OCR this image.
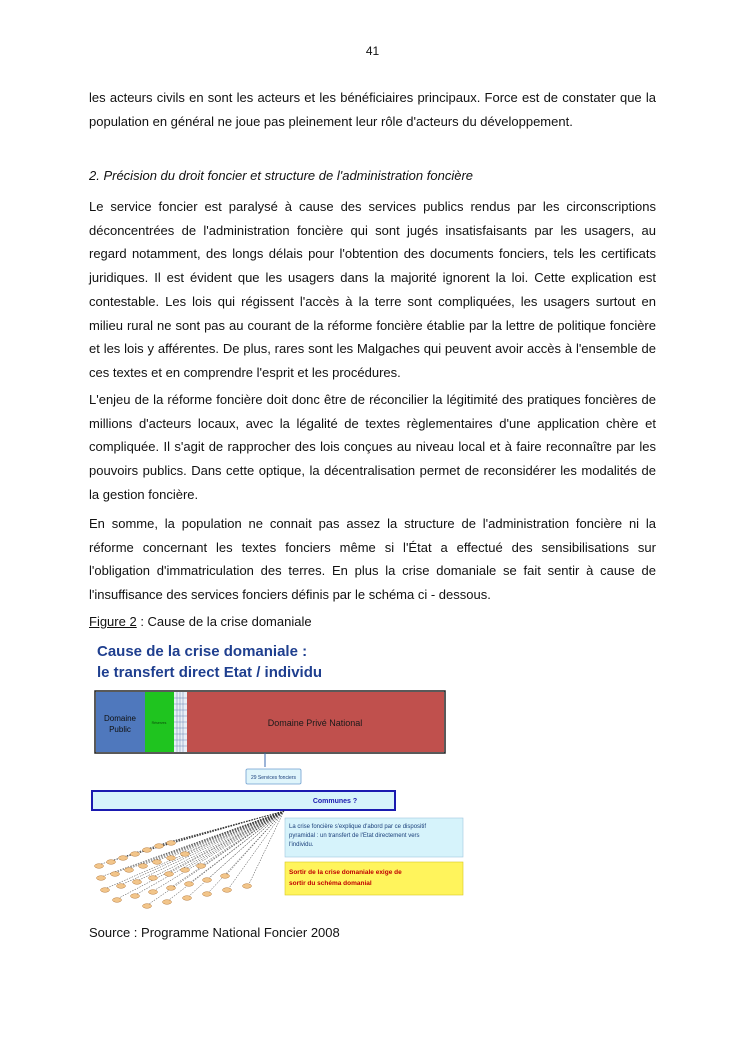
41

les acteurs civils en sont les acteurs et les bénéficiaires principaux. Force est de constater que la population en général ne joue pas pleinement leur rôle d'acteurs du développement.

2. Précision du droit foncier et structure de l'administration foncière

Le service foncier est paralysé à cause des services publics rendus par les circonscriptions déconcentrées de l'administration foncière qui sont jugés insatisfaisants par les usagers, au regard notamment, des longs délais pour l'obtention des documents fonciers, tels les certificats juridiques. Il est évident que les usagers dans la majorité ignorent la loi. Cette explication est contestable. Les lois qui régissent l'accès à la terre sont compliquées, les usagers surtout en milieu rural ne sont pas au courant de la réforme foncière établie par la lettre de politique foncière et les lois y afférentes. De plus, rares sont les Malgaches qui peuvent avoir accès à l'ensemble de ces textes et en comprendre l'esprit et les procédures.

L'enjeu de la réforme foncière doit donc être de réconcilier la légitimité des pratiques foncières de millions d'acteurs locaux, avec la légalité de textes règlementaires d'une application chère et compliquée. Il s'agit de rapprocher des lois conçues au niveau local et à faire reconnaître par les pouvoirs publics. Dans cette optique, la décentralisation permet de reconsidérer les modalités de la gestion foncière.

En somme, la population ne connait pas assez la structure de l'administration foncière ni la réforme concernant les textes fonciers même si l'État a effectué des sensibilisations sur l'obligation d'immatriculation des terres. En plus la crise domaniale se fait sentir à cause de l'insuffisance des services fonciers définis par le schéma ci - dessous.

Figure 2 : Cause de la crise domaniale
Cause de la crise domaniale :
le transfert direct Etat / individu
Domaine
Public
Réserves	Domaine Privé National
29 Services fonciers
Communes ?
La crise foncière s'explique d'abord par ce dispositif
pyramidal : un transfert de l'Etat directement vers
l'individu.
Sortir de la crise domaniale exige de
sortir du schéma domanial
Source : Programme National Foncier 2008
